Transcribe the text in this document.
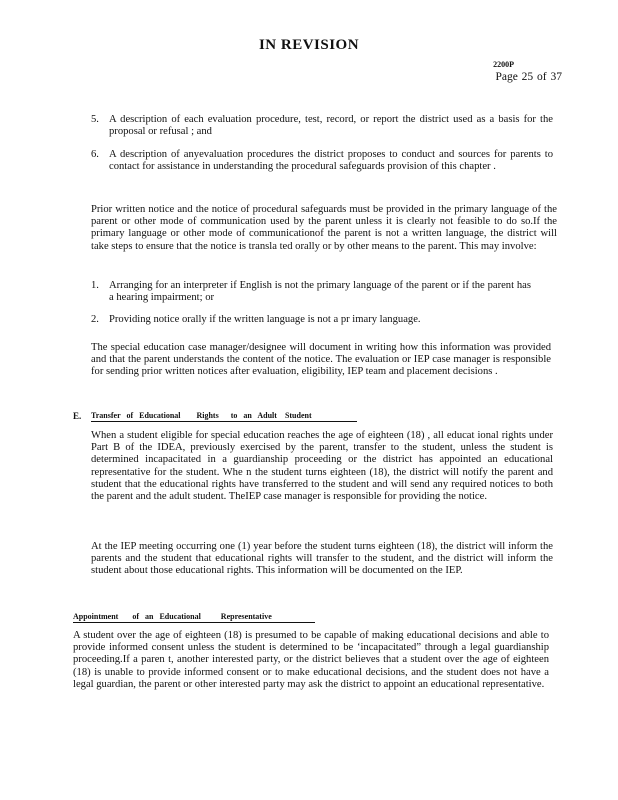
IN REVISION
2200P
Page 25 of 37
5. A description of each evaluation procedure, test, record, or report the district used as a basis for the proposal or refusal ; and

6. A description of anyevaluation procedures the district proposes to conduct and sources for parents to contact for assistance in understanding the procedural safeguards provision of this chapter .

Prior written notice and the notice of procedural safeguards must be provided in the primary language of the parent or other mode of communication used by the parent unless it is clearly not feasible to do so.If the primary language or other mode of communicationof the parent is not a written language, the district will take steps to ensure that the notice is transla ted orally or by other means to the parent. This may involve:

1. Arranging for an interpreter if English is not the primary language of the parent or if the parent has a hearing impairment; or

2. Providing notice orally if the written language is not a pr imary language.

The special education case manager/designee will document in writing how this information was provided and that the parent understands the content of the notice. The evaluation or IEP case manager is responsible for sending prior written notices after evaluation, eligibility, IEP team and placement decisions .

E. Transfer   of   Educational        Rights      to   an   Adult    Student

When a student eligible for special education reaches the age of eighteen (18) , all educat ional rights under Part B of the IDEA, previously exercised by the parent, transfer to the student, unless the student is determined incapacitated in a guardianship proceeding or the district has appointed an educational representative for the student. Whe n the student turns eighteen (18), the district will notify the parent and student that the educational rights have transferred to the student and will send any required notices to both the parent and the adult student. TheIEP case manager is responsible for providing the notice.

At the IEP meeting occurring one (1) year before the student turns eighteen (18), the district will inform the parents and the student that educational rights will transfer to the student, and the district will inform the student about those educational rights. This information will be documented on the IEP.

Appointment       of   an   Educational          Representative

A student over the age of eighteen (18) is presumed to be capable of making educational decisions and able to provide informed consent unless the student is determined to be ‘incapacitated” through a legal guardianship proceeding.If a paren t, another interested party, or the district believes that a student over the age of eighteen (18) is unable to provide informed consent or to make educational decisions, and the student does not have a legal guardian, the parent or other interested party may ask the district to appoint an educational representative.
